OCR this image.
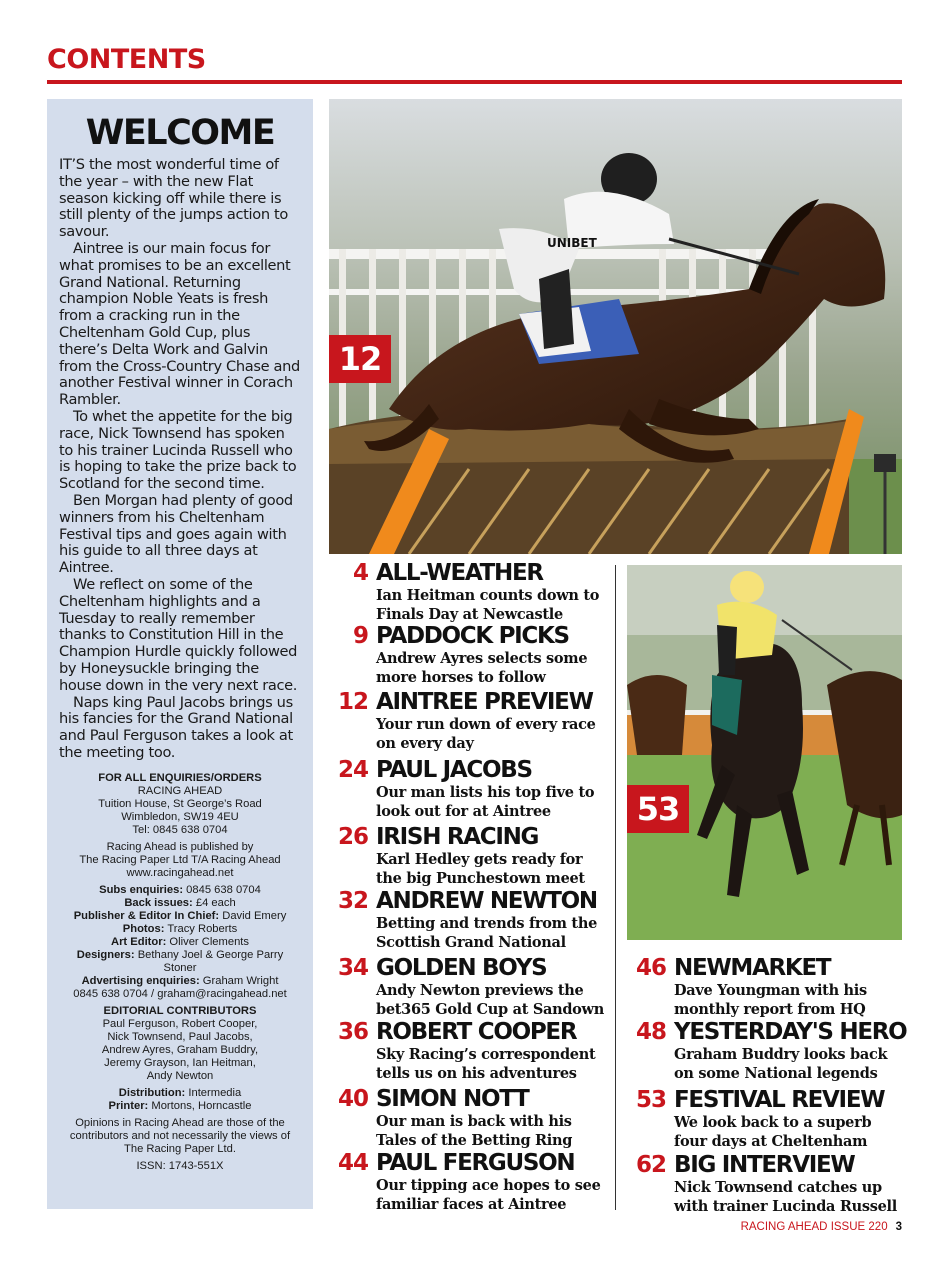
CONTENTS
WELCOME

IT’S the most wonderful time of the year – with the new Flat season kicking off while there is still plenty of the jumps action to savour.

Aintree is our main focus for what promises to be an excellent Grand National. Returning champion Noble Yeats is fresh from a cracking run in the Cheltenham Gold Cup, plus there’s Delta Work and Galvin from the Cross-Country Chase and another Festival winner in Corach Rambler.

To whet the appetite for the big race, Nick Townsend has spoken to his trainer Lucinda Russell who is hoping to take the prize back to Scotland for the second time.

Ben Morgan had plenty of good winners from his Cheltenham Festival tips and goes again with his guide to all three days at Aintree.

We reflect on some of the Cheltenham highlights and a Tuesday to really remember thanks to Constitution Hill in the Champion Hurdle quickly followed by Honeysuckle bringing the house down in the very next race.

Naps king Paul Jacobs brings us his fancies for the Grand National and Paul Ferguson takes a look at the meeting too.

FOR ALL ENQUIRIES/ORDERS
RACING AHEAD
Tuition House, St George’s Road
Wimbledon, SW19 4EU
Tel: 0845 638 0704
Racing Ahead is published by
The Racing Paper Ltd T/A Racing Ahead
www.racingahead.net
Subs enquiries: 0845 638 0704
Back issues: £4 each
Publisher & Editor In Chief: David Emery
Photos: Tracy Roberts
Art Editor: Oliver Clements
Designers: Bethany Joel & George Parry Stoner
Advertising enquiries: Graham Wright
0845 638 0704 / graham@racingahead.net
EDITORIAL CONTRIBUTORS
Paul Ferguson, Robert Cooper,
Nick Townsend, Paul Jacobs,
Andrew Ayres, Graham Buddry,
Jeremy Grayson, Ian Heitman,
Andy Newton
Distribution: Intermedia
Printer: Mortons, Horncastle
Opinions in Racing Ahead are those of the
contributors and not necessarily the views of
The Racing Paper Ltd.
ISSN: 1743-551X
UNIBET
12
53
4 ALL-WEATHER
Ian Heitman counts down to Finals Day at Newcastle
9 PADDOCK PICKS
Andrew Ayres selects some more horses to follow
12 AINTREE PREVIEW
Your run down of every race on every day
24 PAUL JACOBS
Our man lists his top five to look out for at Aintree
26 IRISH RACING
Karl Hedley gets ready for the big Punchestown meet
32 ANDREW NEWTON
Betting and trends from the Scottish Grand National
34 GOLDEN BOYS
Andy Newton previews the bet365 Gold Cup at Sandown
36 ROBERT COOPER
Sky Racing’s correspondent tells us on his adventures
40 SIMON NOTT
Our man is back with his Tales of the Betting Ring
44 PAUL FERGUSON
Our tipping ace hopes to see familiar faces at Aintree
46 NEWMARKET
Dave Youngman with his monthly report from HQ
48 YESTERDAY'S HERO
Graham Buddry looks back on some National legends
53 FESTIVAL REVIEW
We look back to a superb four days at Cheltenham
62 BIG INTERVIEW
Nick Townsend catches up with trainer Lucinda Russell
RACING AHEAD ISSUE 220 3
